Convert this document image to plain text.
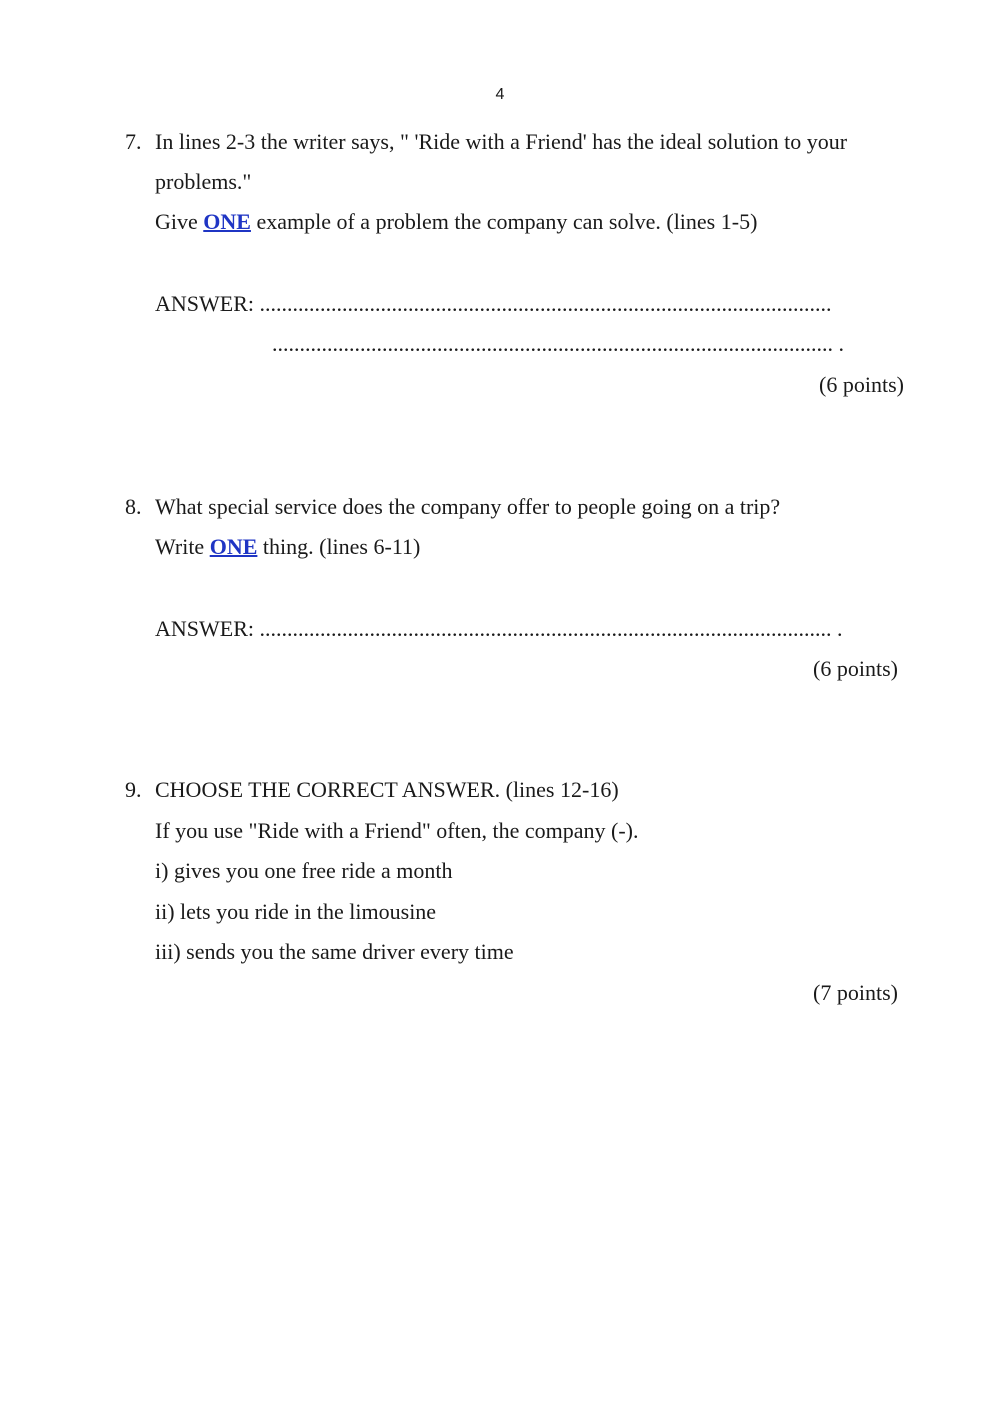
4
7. In lines 2-3 the writer says, " 'Ride with a Friend' has the ideal solution to your
problems."
Give ONE example of a problem the company can solve. (lines 1-5)
ANSWER: ........................................................................................................
...................................................................................................... .
(6 points)
8. What special service does the company offer to people going on a trip?
Write ONE thing. (lines 6-11)
ANSWER: ........................................................................................................ .
(6 points)
9. CHOOSE THE CORRECT ANSWER. (lines 12-16)
If you use "Ride with a Friend" often, the company (-).
i) gives you one free ride a month
ii) lets you ride in the limousine
iii) sends you the same driver every time
(7 points)
